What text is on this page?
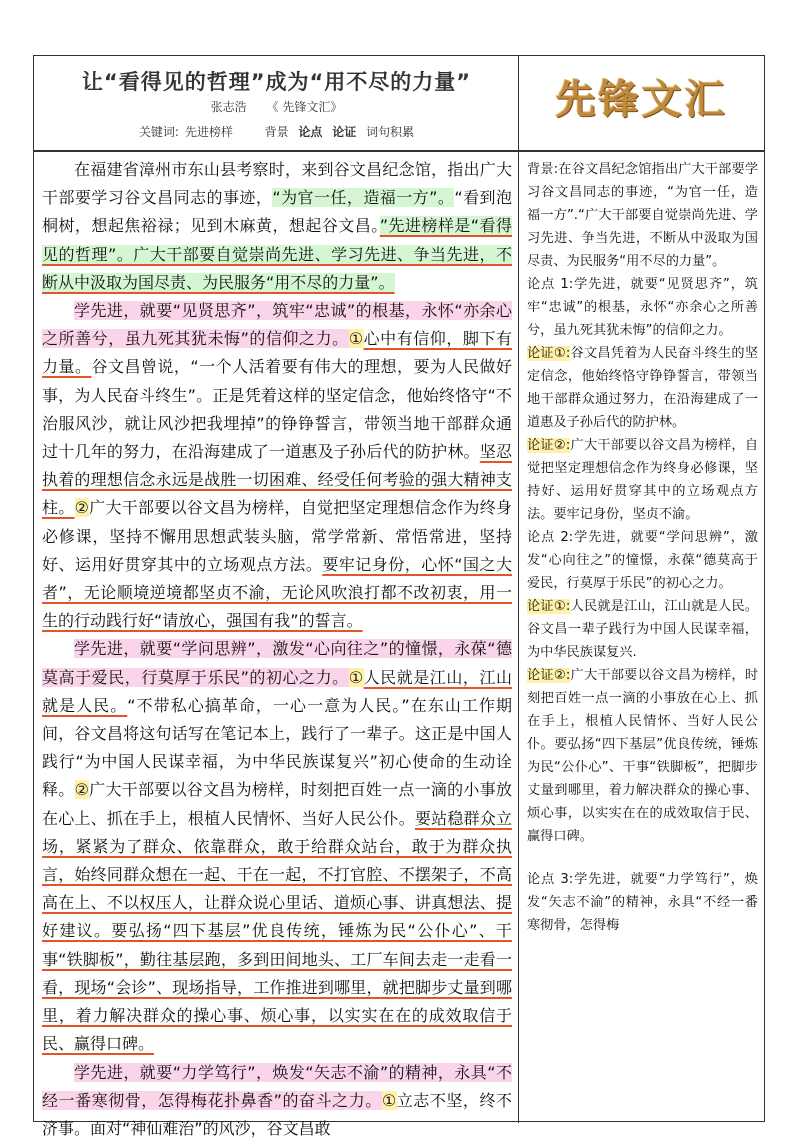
让“看得见的哲理”成为“用不尽的力量”
张志浩 《 先锋文汇》
关键词: 先进榜样	背景 论点 论证 词句积累
先锋文汇

在福建省漳州市东山县考察时，来到谷文昌纪念馆，指出广大干部要学习谷文昌同志的事迹，“为官一任，造福一方”。“看到泡桐树，想起焦裕禄；见到木麻黄，想起谷文昌。”先进榜样是“看得见的哲理”。广大干部要自觉崇尚先进、学习先进、争当先进，不断从中汲取为国尽责、为民服务“用不尽的力量”。

学先进，就要“见贤思齐”，筑牢“忠诚”的根基，永怀“亦余心之所善兮，虽九死其犹未悔”的信仰之力。①心中有信仰，脚下有力量。谷文昌曾说，“一个人活着要有伟大的理想，要为人民做好事，为人民奋斗终生”。正是凭着这样的坚定信念，他始终恪守“不治服风沙，就让风沙把我埋掉”的铮铮誓言，带领当地干部群众通过十几年的努力，在沿海建成了一道惠及子孙后代的防护林。坚忍执着的理想信念永远是战胜一切困难、经受任何考验的强大精神支柱。②广大干部要以谷文昌为榜样，自觉把坚定理想信念作为终身必修课，坚持不懈用思想武装头脑，常学常新、常悟常进，坚持好、运用好贯穿其中的立场观点方法。要牢记身份，心怀“国之大者”，无论顺境逆境都坚贞不渝，无论风吹浪打都不改初衷，用一生的行动践行好“请放心，强国有我”的誓言。

学先进，就要“学问思辨”，激发“心向往之”的憧憬，永葆“德莫高于爱民，行莫厚于乐民”的初心之力。①人民就是江山，江山就是人民。“不带私心搞革命，一心一意为人民。”在东山工作期间，谷文昌将这句话写在笔记本上，践行了一辈子。这正是中国人践行“为中国人民谋幸福，为中华民族谋复兴”初心使命的生动诠释。②广大干部要以谷文昌为榜样，时刻把百姓一点一滴的小事放在心上、抓在手上，根植人民情怀、当好人民公仆。要站稳群众立场，紧紧为了群众、依靠群众，敢于给群众站台，敢于为群众执言，始终同群众想在一起、干在一起，不打官腔、不摆架子，不高高在上、不以权压人，让群众说心里话、道烦心事、讲真想法、提好建议。要弘扬“四下基层”优良传统，锤炼为民“公仆心”、干事“铁脚板”，勤往基层跑，多到田间地头、工厂车间去走一走看一看，现场“会诊”、现场指导，工作推进到哪里，就把脚步丈量到哪里，着力解决群众的操心事、烦心事，以实实在在的成效取信于民、赢得口碑。

学先进，就要“力学笃行”，焕发“矢志不渝”的精神，永具“不经一番寒彻骨，怎得梅花扑鼻香”的奋斗之力。①立志不坚，终不济事。面对“神仙难治”的风沙，谷文昌敢

背景:在谷文昌纪念馆指出广大干部要学习谷文昌同志的事迹，“为官一任，造福一方”.“广大干部要自觉崇尚先进、学习先进、争当先进，不断从中汲取为国尽责、为民服务“用不尽的力量”。

论点 1:学先进，就要“见贤思齐”，筑牢“忠诚”的根基，永怀“亦余心之所善兮，虽九死其犹未悔”的信仰之力。

论证①:谷文昌凭着为人民奋斗终生的坚定信念，他始终恪守铮铮誓言，带领当地干部群众通过努力，在沿海建成了一道惠及子孙后代的防护林。

论证②:广大干部要以谷文昌为榜样，自觉把坚定理想信念作为终身必修课，坚持好、运用好贯穿其中的立场观点方法。要牢记身份，坚贞不渝。

论点 2:学先进，就要“学问思辨”，激发“心向往之”的憧憬，永葆“德莫高于爱民，行莫厚于乐民”的初心之力。

论证①:人民就是江山，江山就是人民。谷文昌一辈子践行为中国人民谋幸福，为中华民族谋复兴.

论证②:广大干部要以谷文昌为榜样，时刻把百姓一点一滴的小事放在心上、抓在手上，根植人民情怀、当好人民公仆。要弘扬“四下基层”优良传统，锤炼为民“公仆心”、干事“铁脚板”，把脚步丈量到哪里，着力解决群众的操心事、烦心事，以实实在在的成效取信于民、赢得口碑。

论点 3:学先进，就要“力学笃行”，焕发“矢志不渝”的精神，永具“不经一番寒彻骨，怎得梅
